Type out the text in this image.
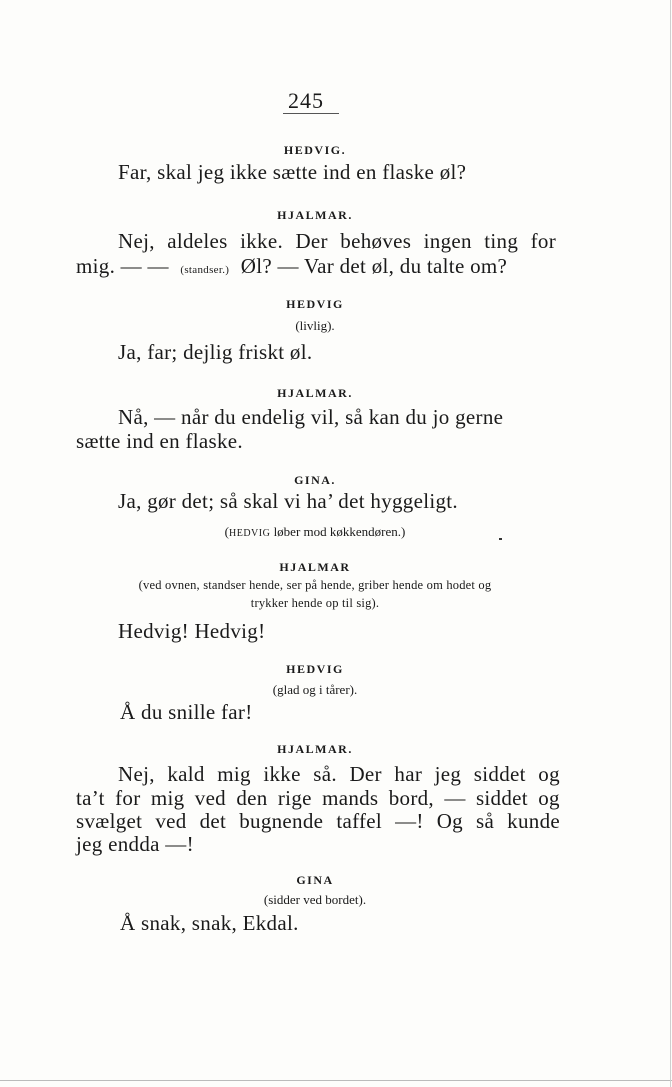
245
HEDVIG.
Far, skal jeg ikke sætte ind en flaske øl?
HJALMAR.
Nej, aldeles ikke. Der behøves ingen ting for
mig. — — (standser.) Øl? — Var det øl, du talte om?
HEDVIG
(livlig).
Ja, far; dejlig friskt øl.
HJALMAR.
Nå, — når du endelig vil, så kan du jo gerne
sætte ind en flaske.
GINA.
Ja, gør det; så skal vi ha’ det hyggeligt.
(HEDVIG løber mod køkkendøren.)
HJALMAR
(ved ovnen, standser hende, ser på hende, griber hende om hodet og
trykker hende op til sig).
Hedvig! Hedvig!
HEDVIG
(glad og i tårer).
Å du snille far!
HJALMAR.
Nej, kald mig ikke så. Der har jeg siddet og
ta’t for mig ved den rige mands bord, — siddet og
svælget ved det bugnende taffel —! Og så kunde
jeg endda —!
GINA
(sidder ved bordet).
Å snak, snak, Ekdal.
